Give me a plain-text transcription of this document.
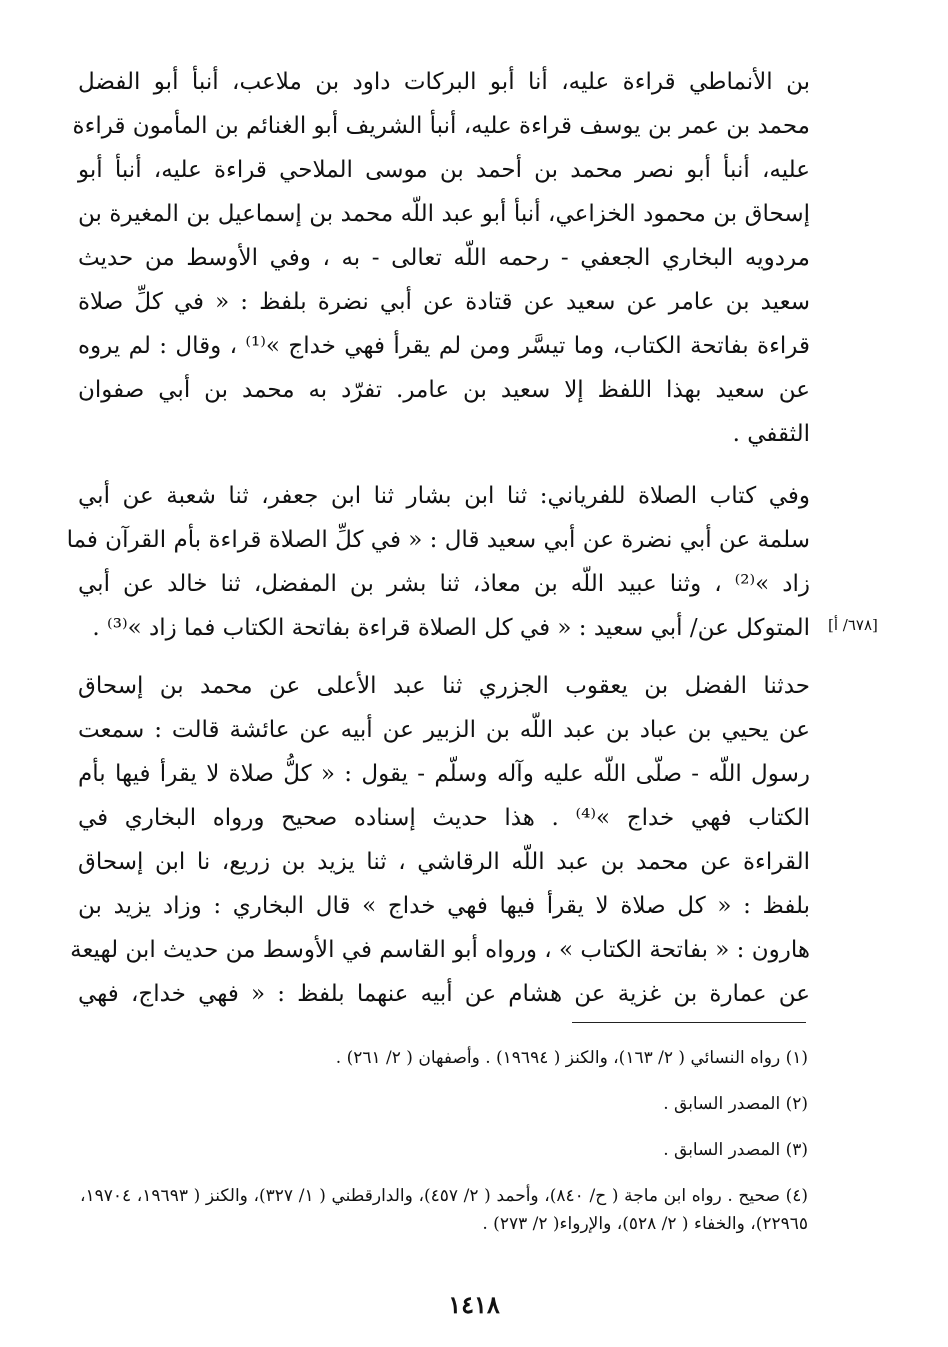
بن الأنماطي قراءة عليه، أنا أبو البركات داود بن ملاعب، أنبأ أبو الفضل
محمد بن عمر بن يوسف قراءة عليه، أنبأ الشريف أبو الغنائم بن المأمون قراءة
عليه، أنبأ أبو نصر محمد بن أحمد بن موسى الملاحي قراءة عليه، أنبأ أبو
إسحاق بن محمود الخزاعي، أنبأ أبو عبد اللّه محمد بن إسماعيل بن المغيرة بن
مردويه البخاري الجعفي - رحمه اللّه تعالى - به ، وفي الأوسط من حديث
سعيد بن عامر عن سعيد عن قتادة عن أبي نضرة بلفظ : « في كلِّ صلاة
قراءة بفاتحة الكتاب، وما تيسَّر ومن لم يقرأ فهي خداج »⁽¹⁾ ، وقال : لم يروه
عن سعيد بهذا اللفظ إلا سعيد بن عامر. تفرّد به محمد بن أبي صفوان
الثقفي .
وفي كتاب الصلاة للفرياني: ثنا ابن بشار ثنا ابن جعفر، ثنا شعبة عن أبي
سلمة عن أبي نضرة عن أبي سعيد قال : « في كلِّ الصلاة قراءة بأم القرآن فما
زاد »⁽²⁾ ، وثنا عبيد اللّه بن معاذ، ثنا بشر بن المفضل، ثنا خالد عن أبي
المتوكل عن/ أبي سعيد : « في كل الصلاة قراءة بفاتحة الكتاب فما زاد »⁽³⁾ .
حدثنا الفضل بن يعقوب الجزري ثنا عبد الأعلى عن محمد بن إسحاق
عن يحيي بن عباد بن عبد اللّه بن الزبير عن أبيه عن عائشة قالت : سمعت
رسول اللّه - صلّى اللّه عليه وآله وسلّم - يقول : « كلُّ صلاة لا يقرأ فيها بأم
الكتاب فهي خداج »⁽⁴⁾ . هذا حديث إسناده صحيح ورواه البخاري في
القراءة عن محمد بن عبد اللّه الرقاشي ، ثنا يزيد بن زريع، نا ابن إسحاق
بلفظ : « كل صلاة لا يقرأ فيها فهي خداج » قال البخاري : وزاد يزيد بن
هارون : « بفاتحة الكتاب » ، ورواه أبو القاسم في الأوسط من حديث ابن لهيعة
عن عمارة بن غزية عن هشام عن أبيه عنهما بلفظ : « فهي خداج، فهي
[٦٧٨/ أ]

(١) رواه النسائي ( ٢/ ١٦٣)، والكنز ( ١٩٦٩٤) . وأصفهان ( ٢/ ٢٦١) .

(٢) المصدر السابق .

(٣) المصدر السابق .

(٤) صحيح . رواه ابن ماجة ( ح/ ٨٤٠)، وأحمد ( ٢/ ٤٥٧)، والدارقطني ( ١/ ٣٢٧)، والكنز ( ١٩٦٩٣، ١٩٧٠٤، ٢٢٩٦٥)، والخفاء ( ٢/ ٥٢٨)، والإرواء( ٢/ ٢٧٣) .

١٤١٨
